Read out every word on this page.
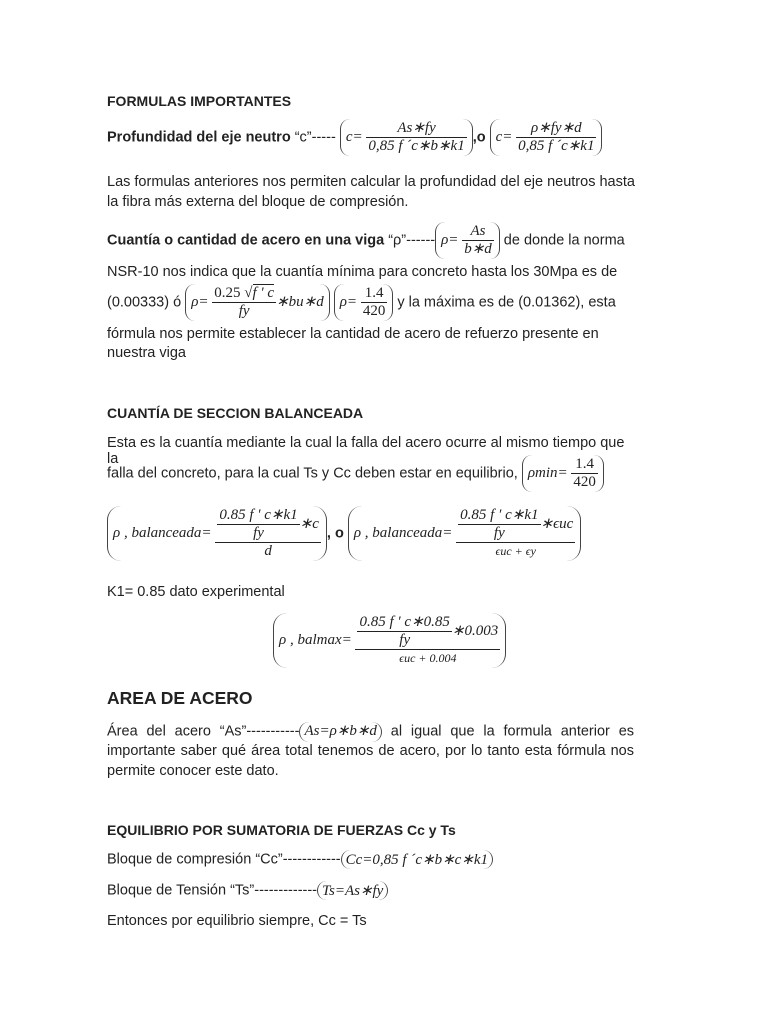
FORMULAS IMPORTANTES
Profundidad del eje neutro “c”----- $c= \frac{As∗fy}{0,85 f ´c∗b∗k1} ,o$ $c= \frac{\rho∗fy∗d}{0,85 f ´c∗k1}$
Las formulas anteriores nos permiten calcular la profundidad del eje neutros hasta la fibra más externa del bloque de compresión.
Cuantía o cantidad de acero en una viga “ρ”------ $\rho= \frac{As}{b∗d}$ de donde la norma
NSR-10 nos indica que la cuantía mínima para concreto hasta los 30Mpa es de
(0.00333) ó $\rho= \frac{0.25 √f ' c}{fy}$ ∗bu∗d $\rho= \frac{1.4}{420}$ y la máxima es de (0.01362), esta
fórmula nos permite establecer la cantidad de acero de refuerzo presente en
nuestra viga
CUANTÍA DE SECCION BALANCEADA
Esta es la cuantía mediante la cual la falla del acero ocurre al mismo tiempo que la
falla del concreto, para la cual Ts y Cc deben estar en equilibrio, $\rho\min= \frac{1.4}{420}$
ρ , balanceada= $\frac{\frac{0.85 f ' c∗k1}{fy} ∗c}{d}$ , o ρ , balanceada= $\frac{\frac{0.85 f ' c∗k1}{fy} ∗\epsilon uc}{\text{ϵuc + ϵy}}$
K1= 0.85 dato experimental
ρ , $balmax= \frac{\frac{0.85 f ' c∗0.85}{fy} ∗0.003}{\text{ϵuc + 0.004}}$
AREA DE ACERO
Área del acero “As”----------- As=ρ∗b∗d al igual que la formula anterior es importante saber qué área total tenemos de acero, por lo tanto esta fórmula nos permite conocer este dato.
EQUILIBRIO POR SUMATORIA DE FUERZAS Cc y Ts
Bloque de compresión “Cc”------------ Cc=0,85 f ´c∗b∗c∗k1
Bloque de Tensión “Ts”------------- Ts=As∗fy
Entonces por equilibrio siempre, Cc = Ts
